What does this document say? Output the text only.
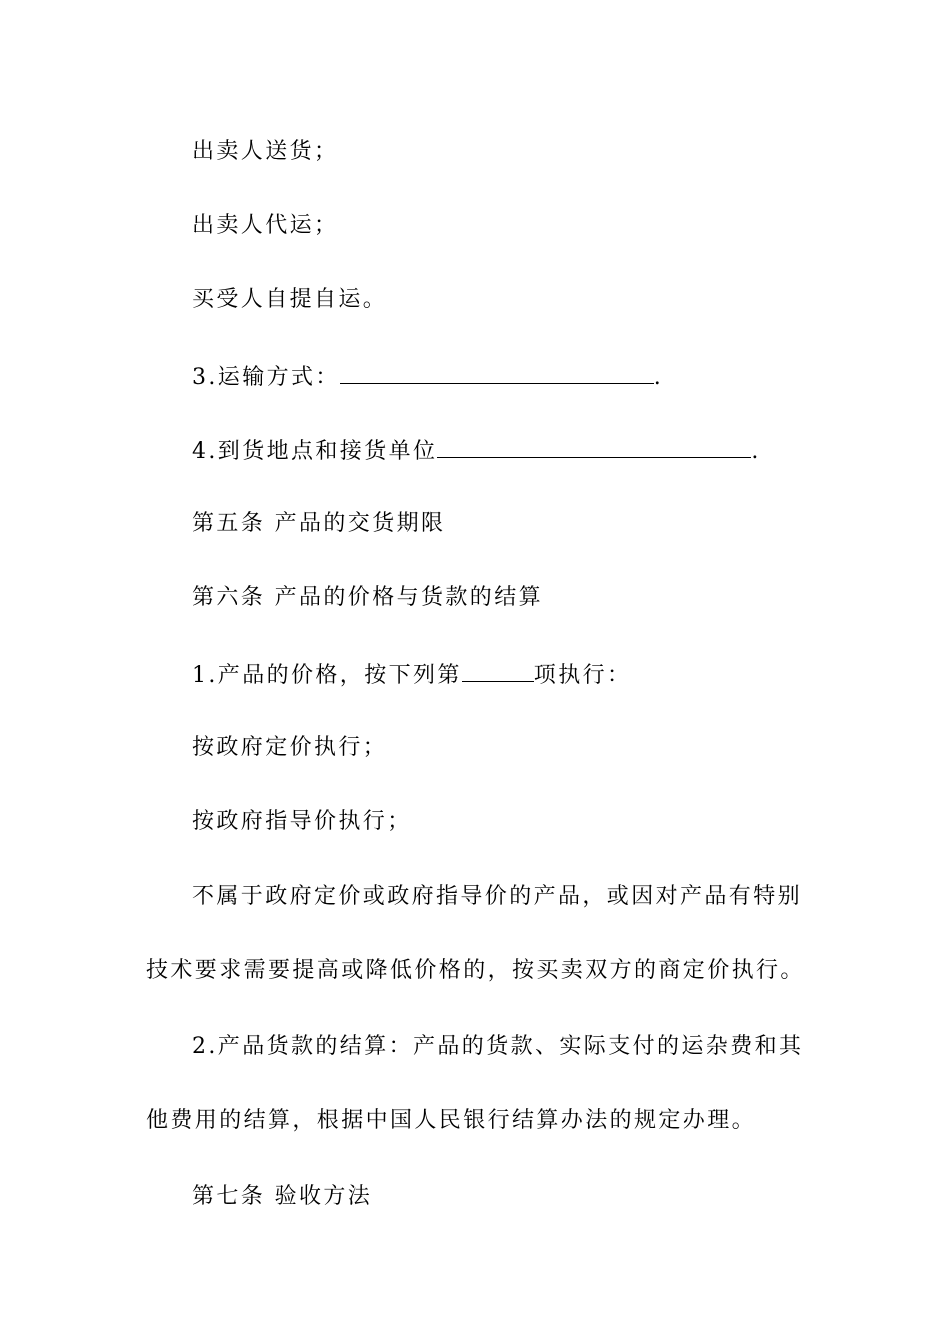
出卖人送货；
出卖人代运；
买受人自提自运。
3.运输方式：	.
4.到货地点和接货单位	.
第五条 产品的交货期限
第六条 产品的价格与货款的结算
1.产品的价格，按下列第	项执行：
按政府定价执行；
按政府指导价执行；
不属于政府定价或政府指导价的产品，或因对产品有特别
技术要求需要提高或降低价格的，按买卖双方的商定价执行。
2.产品货款的结算：产品的货款、实际支付的运杂费和其
他费用的结算，根据中国人民银行结算办法的规定办理。
第七条 验收方法
